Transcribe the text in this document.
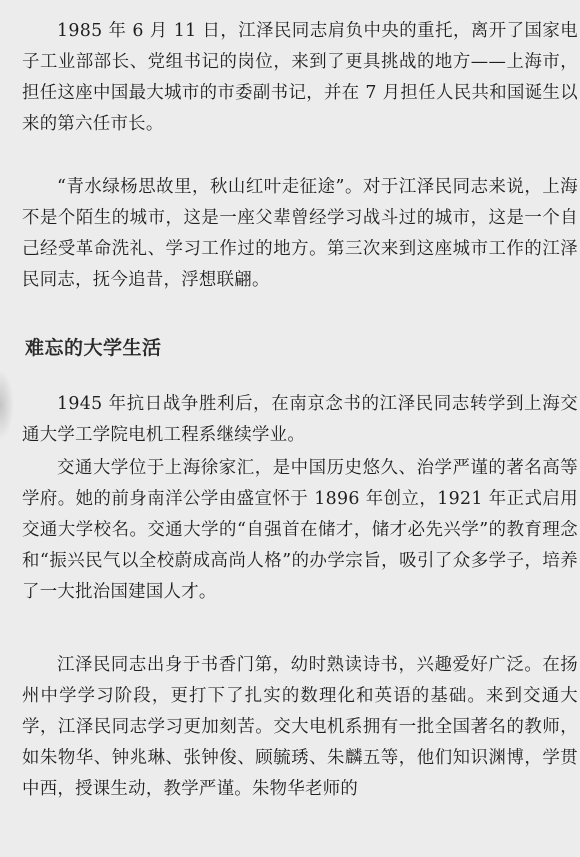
1985 年 6 月 11 日，江泽民同志肩负中央的重托，离开了国家电子工业部部长、党组书记的岗位，来到了更具挑战的地方——上海市，担任这座中国最大城市的市委副书记，并在 7 月担任人民共和国诞生以来的第六任市长。

“青水绿杨思故里，秋山红叶走征途”。对于江泽民同志来说，上海不是个陌生的城市，这是一座父辈曾经学习战斗过的城市，这是一个自己经受革命洗礼、学习工作过的地方。第三次来到这座城市工作的江泽民同志，抚今追昔，浮想联翩。

难忘的大学生活

1945 年抗日战争胜利后，在南京念书的江泽民同志转学到上海交通大学工学院电机工程系继续学业。

交通大学位于上海徐家汇，是中国历史悠久、治学严谨的著名高等学府。她的前身南洋公学由盛宣怀于 1896 年创立，1921 年正式启用交通大学校名。交通大学的“自强首在储才，储才必先兴学”的教育理念和“振兴民气以全校蔚成高尚人格”的办学宗旨，吸引了众多学子，培养了一大批治国建国人才。

江泽民同志出身于书香门第，幼时熟读诗书，兴趣爱好广泛。在扬州中学学习阶段，更打下了扎实的数理化和英语的基础。来到交通大学，江泽民同志学习更加刻苦。交大电机系拥有一批全国著名的教师，如朱物华、钟兆琳、张钟俊、顾毓琇、朱麟五等，他们知识渊博，学贯中西，授课生动，教学严谨。朱物华老师的
